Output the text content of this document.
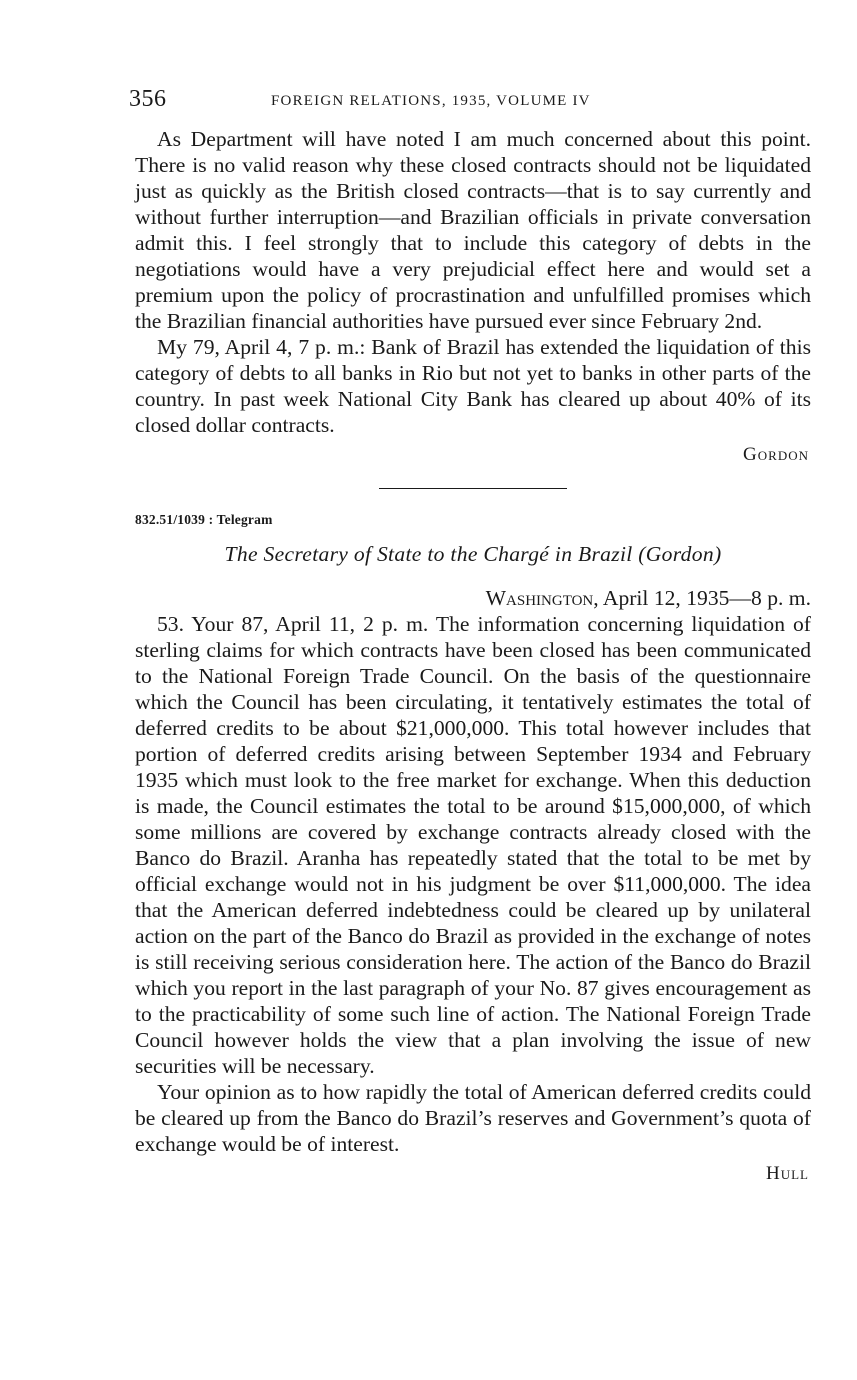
356	FOREIGN RELATIONS, 1935, VOLUME IV

As Department will have noted I am much concerned about this point. There is no valid reason why these closed contracts should not be liquidated just as quickly as the British closed contracts—that is to say currently and without further interruption—and Brazilian officials in private conversation admit this. I feel strongly that to include this category of debts in the negotiations would have a very prejudicial effect here and would set a premium upon the policy of procrastination and unfulfilled promises which the Brazilian financial authorities have pursued ever since February 2nd.

My 79, April 4, 7 p. m.: Bank of Brazil has extended the liquidation of this category of debts to all banks in Rio but not yet to banks in other parts of the country. In past week National City Bank has cleared up about 40% of its closed dollar contracts.

Gordon
832.51/1039 : Telegram
The Secretary of State to the Chargé in Brazil (Gordon)
Washington, April 12, 1935—8 p. m.

53. Your 87, April 11, 2 p. m. The information concerning liquidation of sterling claims for which contracts have been closed has been communicated to the National Foreign Trade Council. On the basis of the questionnaire which the Council has been circulating, it tentatively estimates the total of deferred credits to be about $21,000,000. This total however includes that portion of deferred credits arising between September 1934 and February 1935 which must look to the free market for exchange. When this deduction is made, the Council estimates the total to be around $15,000,000, of which some millions are covered by exchange contracts already closed with the Banco do Brazil. Aranha has repeatedly stated that the total to be met by official exchange would not in his judgment be over $11,000,000. The idea that the American deferred indebtedness could be cleared up by unilateral action on the part of the Banco do Brazil as provided in the exchange of notes is still receiving serious consideration here. The action of the Banco do Brazil which you report in the last paragraph of your No. 87 gives encouragement as to the practicability of some such line of action. The National Foreign Trade Council however holds the view that a plan involving the issue of new securities will be necessary.

Your opinion as to how rapidly the total of American deferred credits could be cleared up from the Banco do Brazil’s reserves and Government’s quota of exchange would be of interest.

Hull
